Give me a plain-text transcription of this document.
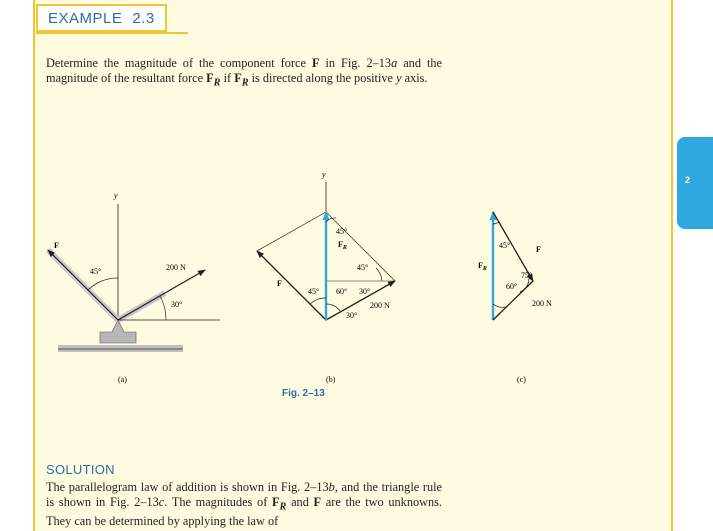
2
EXAMPLE 2.3

Determine the magnitude of the component force F in Fig. 2–13a and the magnitude of the resultant force $F_R$ if $F_R$ is directed along the positive y axis.

y
F
200 N
45°
30°
(a)
y
$F_R$
F
200 N
45°
45°
45° 60° 30°
30°
(b)
$F_R$
F
200 N
45°
75°
60°
(c)
Fig. 2–13
SOLUTION

The parallelogram law of addition is shown in Fig. 2–13b, and the triangle rule is shown in Fig. 2–13c. The magnitudes of $F_R$ and F are the two unknowns. They can be determined by applying the law of
